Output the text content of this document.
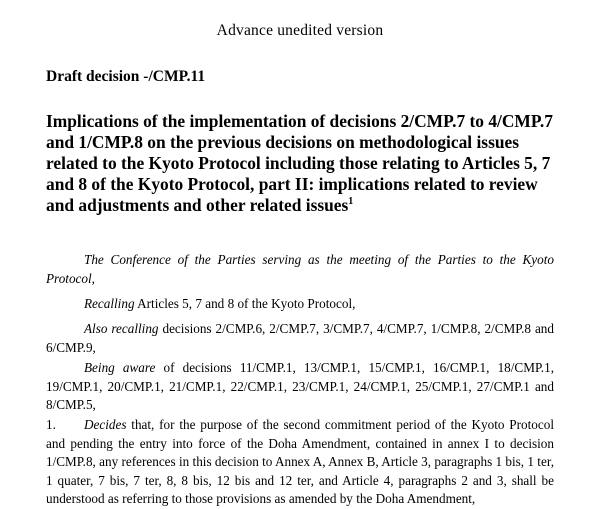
Advance unedited version
Draft decision -/CMP.11
Implications of the implementation of decisions 2/CMP.7 to 4/CMP.7 and 1/CMP.8 on the previous decisions on methodological issues related to the Kyoto Protocol including those relating to Articles 5, 7 and 8 of the Kyoto Protocol, part II: implications related to review and adjustments and other related issues$^1$
The Conference of the Parties serving as the meeting of the Parties to the Kyoto Protocol,
Recalling Articles 5, 7 and 8 of the Kyoto Protocol,
Also recalling decisions 2/CMP.6, 2/CMP.7, 3/CMP.7, 4/CMP.7, 1/CMP.8, 2/CMP.8 and 6/CMP.9,
Being aware of decisions 11/CMP.1, 13/CMP.1, 15/CMP.1, 16/CMP.1, 18/CMP.1, 19/CMP.1, 20/CMP.1, 21/CMP.1, 22/CMP.1, 23/CMP.1, 24/CMP.1, 25/CMP.1, 27/CMP.1 and 8/CMP.5,
1. Decides that, for the purpose of the second commitment period of the Kyoto Protocol and pending the entry into force of the Doha Amendment, contained in annex I to decision 1/CMP.8, any references in this decision to Annex A, Annex B, Article 3, paragraphs 1 bis, 1 ter, 1 quater, 7 bis, 7 ter, 8, 8 bis, 12 bis and 12 ter, and Article 4, paragraphs 2 and 3, shall be understood as referring to those provisions as amended by the Doha Amendment,
